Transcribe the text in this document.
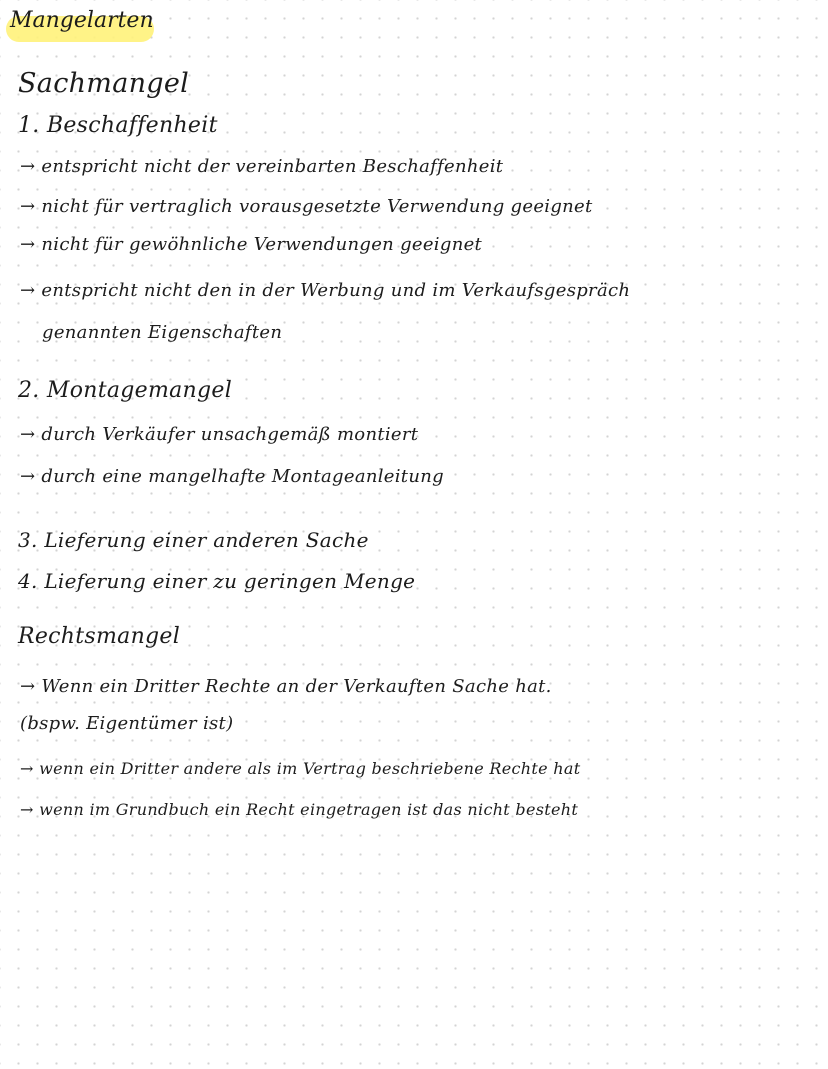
Mangelarten
Sachmangel
1. Beschaffenheit
→ entspricht nicht der vereinbarten Beschaffenheit
→ nicht für vertraglich vorausgesetzte Verwendung geeignet
→ nicht für gewöhnliche Verwendungen geeignet
→ entspricht nicht den in der Werbung und im Verkaufsgespräch
genannten Eigenschaften
2. Montagemangel
→ durch Verkäufer unsachgemäß montiert
→ durch eine mangelhafte Montageanleitung
3. Lieferung einer anderen Sache
4. Lieferung einer zu geringen Menge
Rechtsmangel
→ Wenn ein Dritter Rechte an der Verkauften Sache hat.
(bspw. Eigentümer ist)
→ wenn ein Dritter andere als im Vertrag beschriebene Rechte hat
→ wenn im Grundbuch ein Recht eingetragen ist das nicht besteht
